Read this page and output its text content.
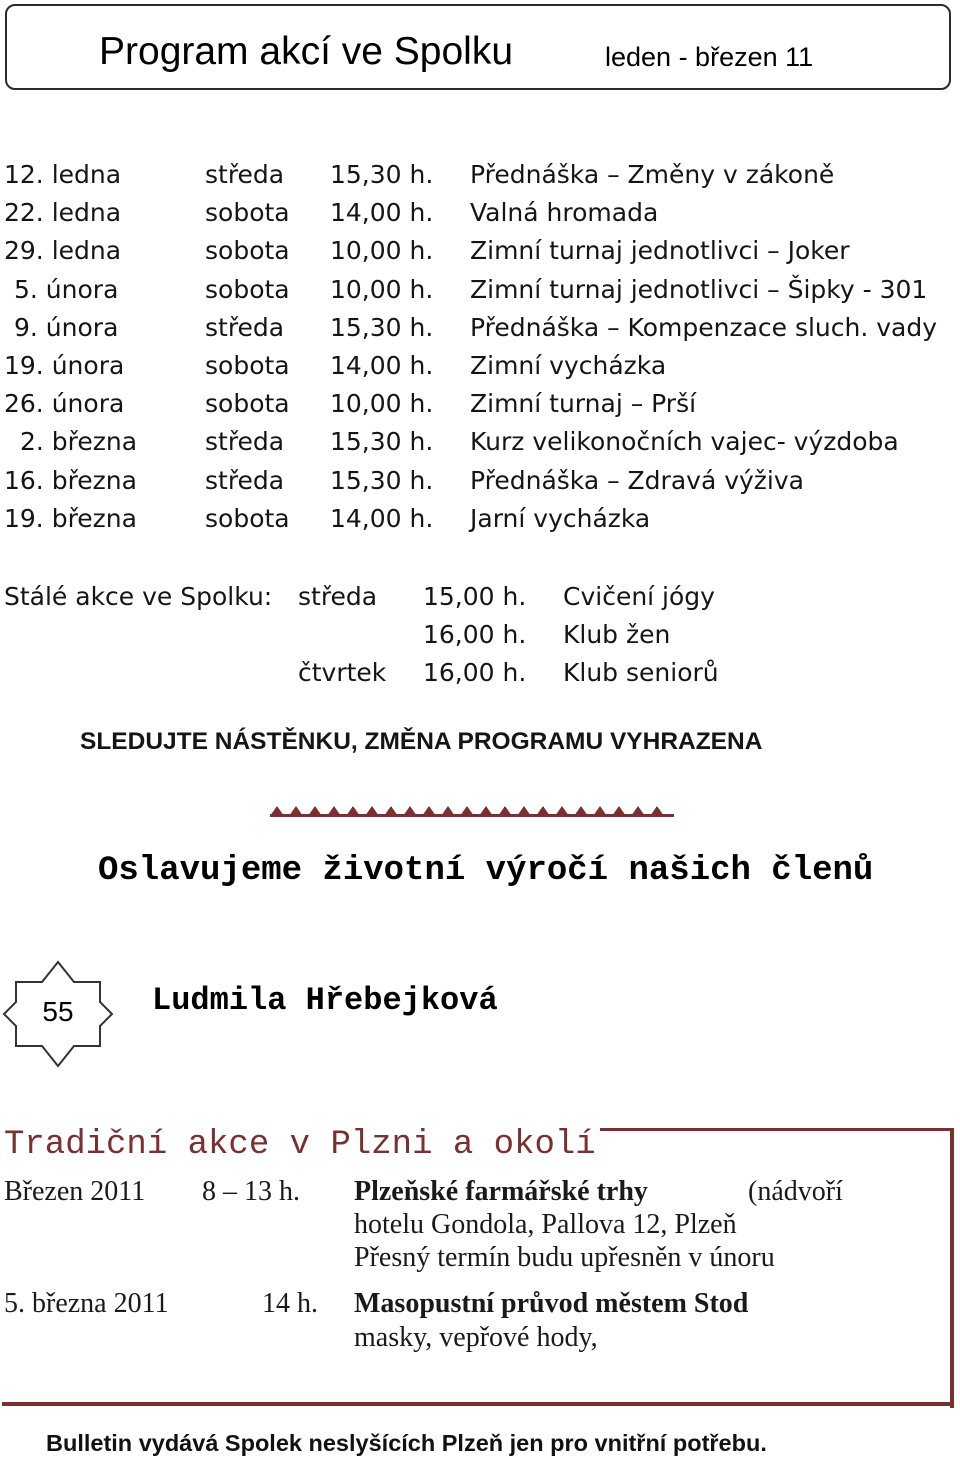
Program akcí ve Spolku	leden - březen 11
12. ledna	středa 15,30 h. Přednáška – Změny v zákoně
22. ledna	sobota 14,00 h. Valná hromada
29. ledna	sobota 10,00 h. Zimní turnaj jednotlivci – Joker
5. února	sobota 10,00 h. Zimní turnaj jednotlivci – Šipky - 301
9. února	středa 15,30 h. Přednáška – Kompenzace sluch. vady
19. února	sobota 14,00 h. Zimní vycházka
26. února	sobota 10,00 h. Zimní turnaj – Prší
2. března	středa 15,30 h. Kurz velikonočních vajec- výzdoba
16. března	středa 15,30 h. Přednáška – Zdravá výživa
19. března	sobota 14,00 h. Jarní vycházka
Stálé akce ve Spolku: středa 15,00 h. Cvičení jógy
16,00 h. Klub žen
čtvrtek 16,00 h. Klub seniorů
SLEDUJTE NÁSTĚNKU, ZMĚNA PROGRAMU VYHRAZENA
Oslavujeme životní výročí našich členů
55	Ludmila Hřebejková
Tradiční akce v Plzni a okolí
Březen 2011 8 – 13 h. Plzeňské farmářské trhy	(nádvoří
hotelu Gondola, Pallova 12, Plzeň
Přesný termín budu upřesněn v únoru
5. března 2011	14 h. Masopustní průvod městem Stod
masky, vepřové hody,
Bulletin vydává Spolek neslyšících Plzeň jen pro vnitřní potřebu.
